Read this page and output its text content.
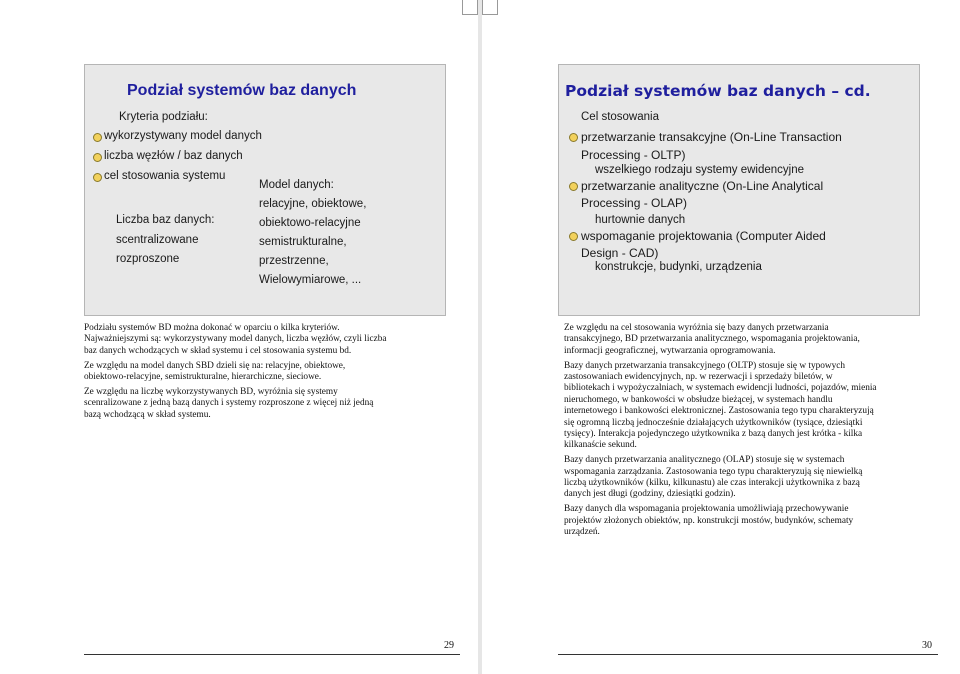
Podział systemów baz danych
Kryteria podziału:
wykorzystywany model danych
liczba węzłów / baz danych
cel stosowania systemu
Model danych:
relacyjne, obiektowe,
obiektowo-relacyjne
semistrukturalne,
przestrzenne,
Wielowymiarowe, ...
Liczba baz danych:
scentralizowane
rozproszone
Podział systemów baz danych – cd.
Cel stosowania
przetwarzanie transakcyjne (On-Line Transaction
Processing - OLTP)
wszelkiego rodzaju systemy ewidencyjne
przetwarzanie analityczne (On-Line Analytical
Processing - OLAP)
hurtownie danych
wspomaganie projektowania (Computer Aided
Design - CAD)
konstrukcje, budynki, urządzenia

Podziału systemów BD można dokonać w oparciu o kilka kryteriów. Najważniejszymi są: wykorzystywany model danych, liczba węzłów, czyli liczba baz danych wchodzących w skład systemu i cel stosowania systemu bd.

Ze względu na model danych SBD dzieli się na: relacyjne, obiektowe, obiektowo-relacyjne, semistrukturalne, hierarchiczne, sieciowe.

Ze względu na liczbę wykorzystywanych BD, wyróżnia się systemy scenralizowane z jedną bazą danych i systemy rozproszone z więcej niż jedną bazą wchodzącą w skład systemu.

Ze względu na cel stosowania wyróżnia się bazy danych przetwarzania transakcyjnego, BD przetwarzania analitycznego, wspomagania projektowania, informacji geograficznej, wytwarzania oprogramowania.

Bazy danych przetwarzania transakcyjnego (OLTP) stosuje się w typowych zastosowaniach ewidencyjnych, np. w rezerwacji i sprzedaży biletów, w bibliotekach i wypożyczalniach, w systemach ewidencji ludności, pojazdów, mienia nieruchomego, w bankowości w obsłudze bieżącej, w systemach handlu internetowego i bankowości elektronicznej. Zastosowania tego typu charakteryzują się ogromną liczbą jednocześnie działających użytkowników (tysiące, dziesiątki tysięcy). Interakcja pojedynczego użytkownika z bazą danych jest krótka - kilka kilkanaście sekund.

Bazy danych przetwarzania analitycznego (OLAP) stosuje się w systemach wspomagania zarządzania. Zastosowania tego typu charakteryzują się niewielką liczbą użytkowników (kilku, kilkunastu) ale czas interakcji użytkownika z bazą danych jest długi (godziny, dziesiątki godzin).

Bazy danych dla wspomagania projektowania umożliwiają przechowywanie projektów złożonych obiektów, np. konstrukcji mostów, budynków, schematy urządzeń.

29	30
